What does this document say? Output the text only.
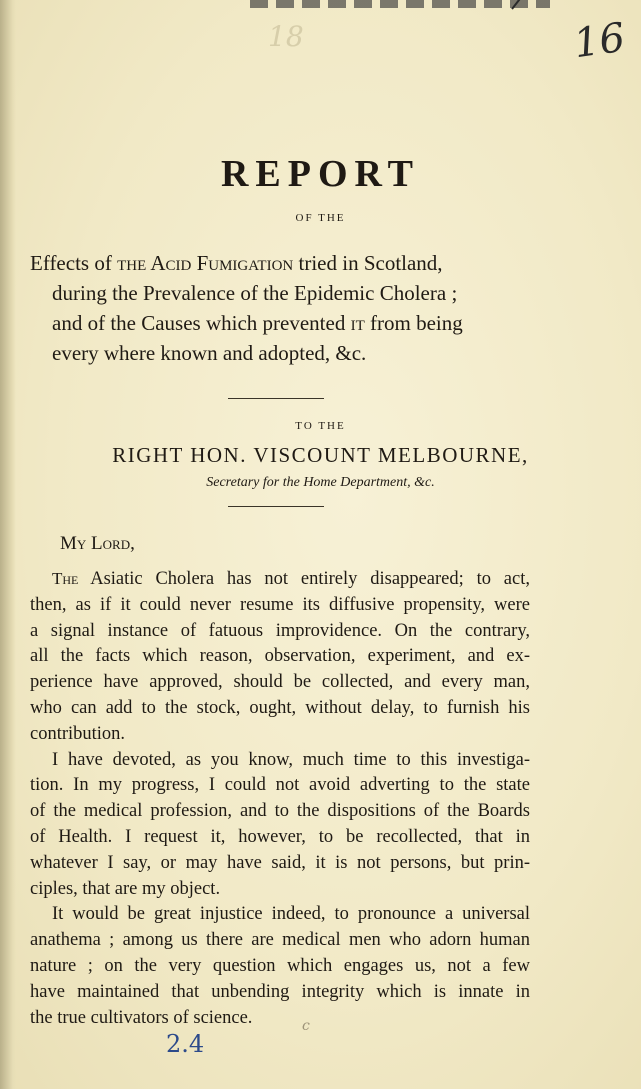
16
18
REPORT
OF THE
Effects of the Acid Fumigation tried in Scotland,
during the Prevalence of the Epidemic Cholera ;
and of the Causes which prevented it from being
every where known and adopted, &c.
TO THE
RIGHT HON. VISCOUNT MELBOURNE,
Secretary for the Home Department, &c.
My Lord,
The Asiatic Cholera has not entirely disappeared; to act,
then, as if it could never resume its diffusive propensity, were
a signal instance of fatuous improvidence. On the contrary,
all the facts which reason, observation, experiment, and ex-
perience have approved, should be collected, and every man,
who can add to the stock, ought, without delay, to furnish his
contribution.
I have devoted, as you know, much time to this investiga-
tion. In my progress, I could not avoid adverting to the state
of the medical profession, and to the dispositions of the Boards
of Health. I request it, however, to be recollected, that in
whatever I say, or may have said, it is not persons, but prin-
ciples, that are my object.
It would be great injustice indeed, to pronounce a universal
anathema ; among us there are medical men who adorn human
nature ; on the very question which engages us, not a few
have maintained that unbending integrity which is innate in
the true cultivators of science.	c
2.4
